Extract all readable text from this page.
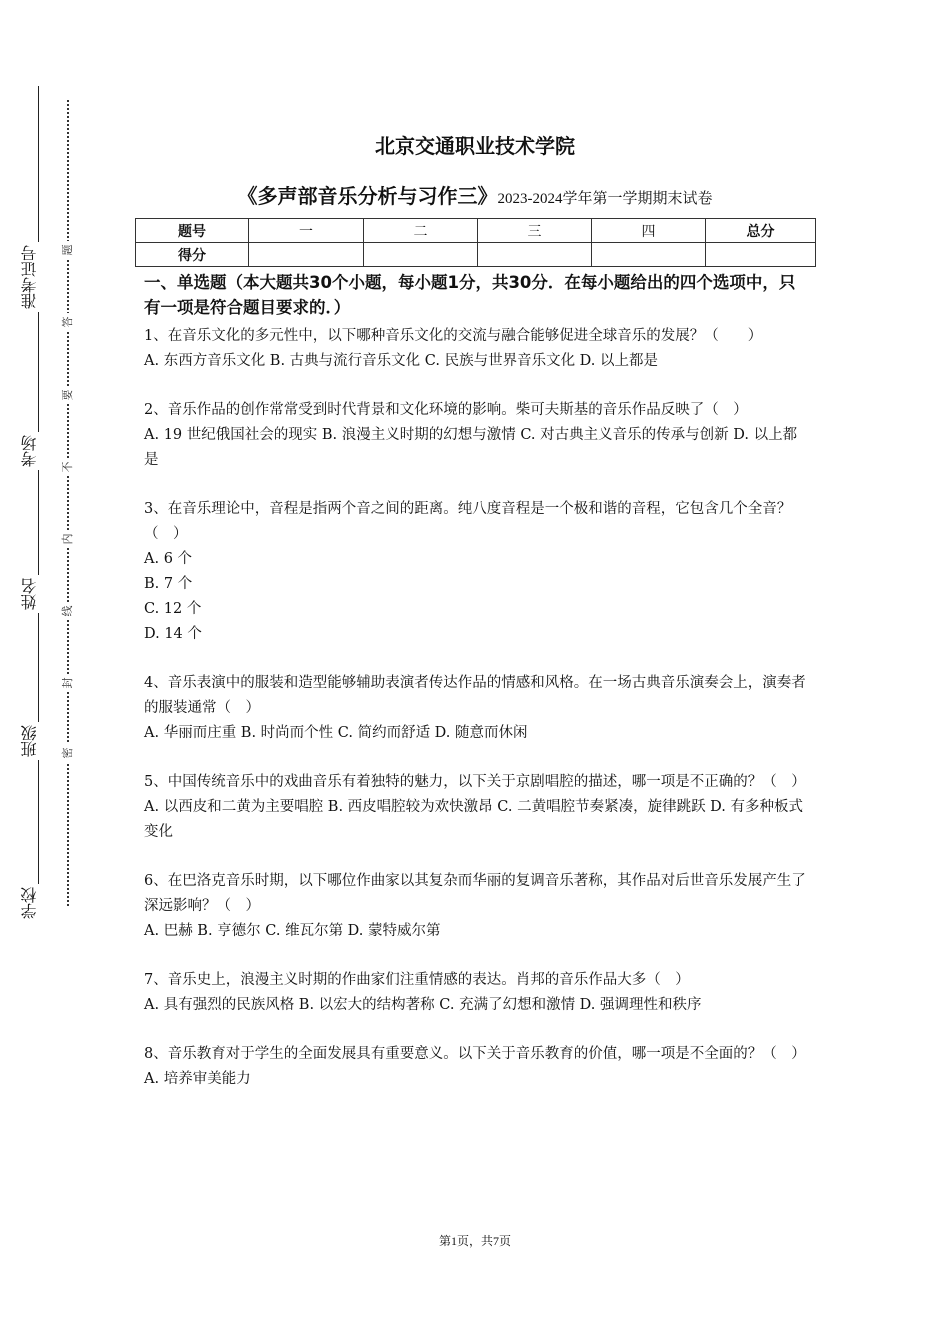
准考证号
考场
姓名
班级
学校
题
答
要
不
内
线
封
密
北京交通职业技术学院
《多声部音乐分析与习作三》2023-2024学年第一学期期末试卷
题号	一	二	三	四	总分
得分					

一、单选题（本大题共30个小题，每小题1分，共30分．在每小题给出的四个选项中，只有一项是符合题目要求的．）

1、在音乐文化的多元性中，以下哪种音乐文化的交流与融合能够促进全球音乐的发展？（　　）

A. 东西方音乐文化 B. 古典与流行音乐文化 C. 民族与世界音乐文化 D. 以上都是

2、音乐作品的创作常常受到时代背景和文化环境的影响。柴可夫斯基的音乐作品反映了（　）

A. 19 世纪俄国社会的现实 B. 浪漫主义时期的幻想与激情 C. 对古典主义音乐的传承与创新 D. 以上都是

3、在音乐理论中，音程是指两个音之间的距离。纯八度音程是一个极和谐的音程，它包含几个全音？（　）

A. 6 个

B. 7 个

C. 12 个

D. 14 个

4、音乐表演中的服装和造型能够辅助表演者传达作品的情感和风格。在一场古典音乐演奏会上，演奏者的服装通常（　）

A. 华丽而庄重 B. 时尚而个性 C. 简约而舒适 D. 随意而休闲

5、中国传统音乐中的戏曲音乐有着独特的魅力，以下关于京剧唱腔的描述，哪一项是不正确的？（　）

A. 以西皮和二黄为主要唱腔 B. 西皮唱腔较为欢快激昂 C. 二黄唱腔节奏紧凑，旋律跳跃 D. 有多种板式变化

6、在巴洛克音乐时期，以下哪位作曲家以其复杂而华丽的复调音乐著称，其作品对后世音乐发展产生了深远影响？（　）

A. 巴赫 B. 亨德尔 C. 维瓦尔第 D. 蒙特威尔第

7、音乐史上，浪漫主义时期的作曲家们注重情感的表达。肖邦的音乐作品大多（　）

A. 具有强烈的民族风格 B. 以宏大的结构著称 C. 充满了幻想和激情 D. 强调理性和秩序

8、音乐教育对于学生的全面发展具有重要意义。以下关于音乐教育的价值，哪一项是不全面的？（　）

A. 培养审美能力

第1页，共7页
